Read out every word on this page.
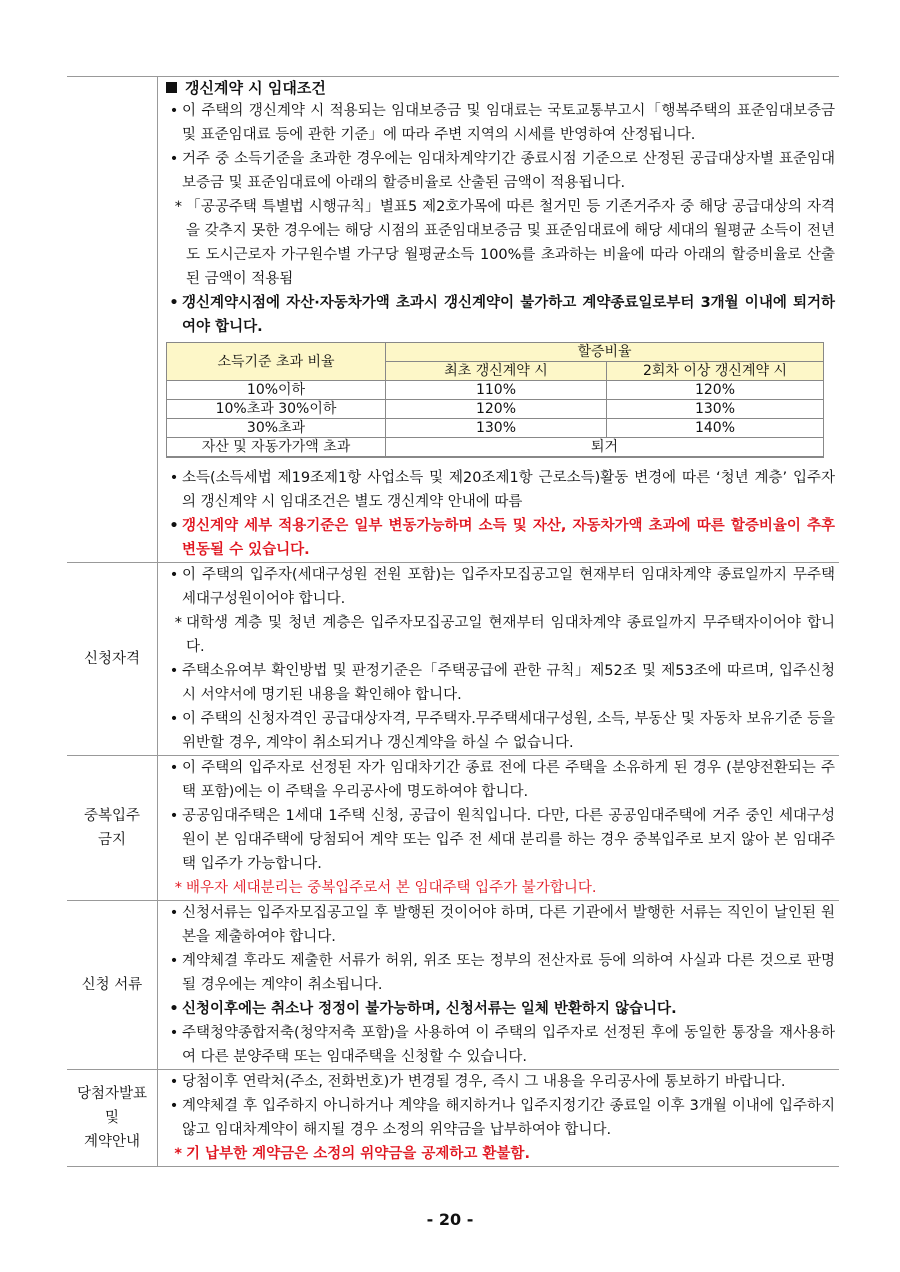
갱신계약 시 임대조건
• 이 주택의 갱신계약 시 적용되는 임대보증금 및 임대료는 국토교통부고시「행복주택의 표준임대보증금 및 표준임대료 등에 관한 기준」에 따라 주변 지역의 시세를 반영하여 산정됩니다.
• 거주 중 소득기준을 초과한 경우에는 임대차계약기간 종료시점 기준으로 산정된 공급대상자별 표준임대보증금 및 표준임대료에 아래의 할증비율로 산출된 금액이 적용됩니다.
* 「공공주택 특별법 시행규칙」별표5 제2호가목에 따른 철거민 등 기존거주자 중 해당 공급대상의 자격을 갖추지 못한 경우에는 해당 시점의 표준임대보증금 및 표준임대료에 해당 세대의 월평균 소득이 전년도 도시근로자 가구원수별 가구당 월평균소득 100%를 초과하는 비율에 따라 아래의 할증비율로 산출된 금액이 적용됨
• 갱신계약시점에 자산·자동차가액 초과시 갱신계약이 불가하고 계약종료일로부터 3개월 이내에 퇴거하여야 합니다.
소득기준 초과 비율	할증비율	
	최초 갱신계약 시	2회차 이상 갱신계약 시
10%이하	110%	120%
10%초과 30%이하	120%	130%
30%초과	130%	140%
자산 및 자동가가액 초과	퇴거	
• 소득(소득세법 제19조제1항 사업소득 및 제20조제1항 근로소득)활동 변경에 따른 ‘청년 계층’ 입주자의 갱신계약 시 임대조건은 별도 갱신계약 안내에 따름
• 갱신계약 세부 적용기준은 일부 변동가능하며 소득 및 자산, 자동차가액 초과에 따른 할증비율이 추후 변동될 수 있습니다.
신청자격
• 이 주택의 입주자(세대구성원 전원 포함)는 입주자모집공고일 현재부터 임대차계약 종료일까지 무주택세대구성원이어야 합니다.
* 대학생 계층 및 청년 계층은 입주자모집공고일 현재부터 임대차계약 종료일까지 무주택자이어야 합니다.
• 주택소유여부 확인방법 및 판정기준은「주택공급에 관한 규칙」제52조 및 제53조에 따르며, 입주신청 시 서약서에 명기된 내용을 확인해야 합니다.
• 이 주택의 신청자격인 공급대상자격, 무주택자.무주택세대구성원, 소득, 부동산 및 자동차 보유기준 등을 위반할 경우, 계약이 취소되거나 갱신계약을 하실 수 없습니다.
중복입주
금지
• 이 주택의 입주자로 선정된 자가 임대차기간 종료 전에 다른 주택을 소유하게 된 경우 (분양전환되는 주택 포함)에는 이 주택을 우리공사에 명도하여야 합니다.
• 공공임대주택은 1세대 1주택 신청, 공급이 원칙입니다. 다만, 다른 공공임대주택에 거주 중인 세대구성원이 본 임대주택에 당첨되어 계약 또는 입주 전 세대 분리를 하는 경우 중복입주로 보지 않아 본 임대주택 입주가 가능합니다.
* 배우자 세대분리는 중복입주로서 본 임대주택 입주가 불가합니다.
신청 서류
• 신청서류는 입주자모집공고일 후 발행된 것이어야 하며, 다른 기관에서 발행한 서류는 직인이 날인된 원본을 제출하여야 합니다.
• 계약체결 후라도 제출한 서류가 허위, 위조 또는 정부의 전산자료 등에 의하여 사실과 다른 것으로 판명될 경우에는 계약이 취소됩니다.
• 신청이후에는 취소나 정정이 불가능하며, 신청서류는 일체 반환하지 않습니다.
• 주택청약종합저축(청약저축 포함)을 사용하여 이 주택의 입주자로 선정된 후에 동일한 통장을 재사용하여 다른 분양주택 또는 임대주택을 신청할 수 있습니다.
당첨자발표
및
계약안내
• 당첨이후 연락처(주소, 전화번호)가 변경될 경우, 즉시 그 내용을 우리공사에 통보하기 바랍니다.
• 계약체결 후 입주하지 아니하거나 계약을 해지하거나 입주지정기간 종료일 이후 3개월 이내에 입주하지 않고 임대차계약이 해지될 경우 소정의 위약금을 납부하여야 합니다.
* 기 납부한 계약금은 소정의 위약금을 공제하고 환불함.
- 20 -
